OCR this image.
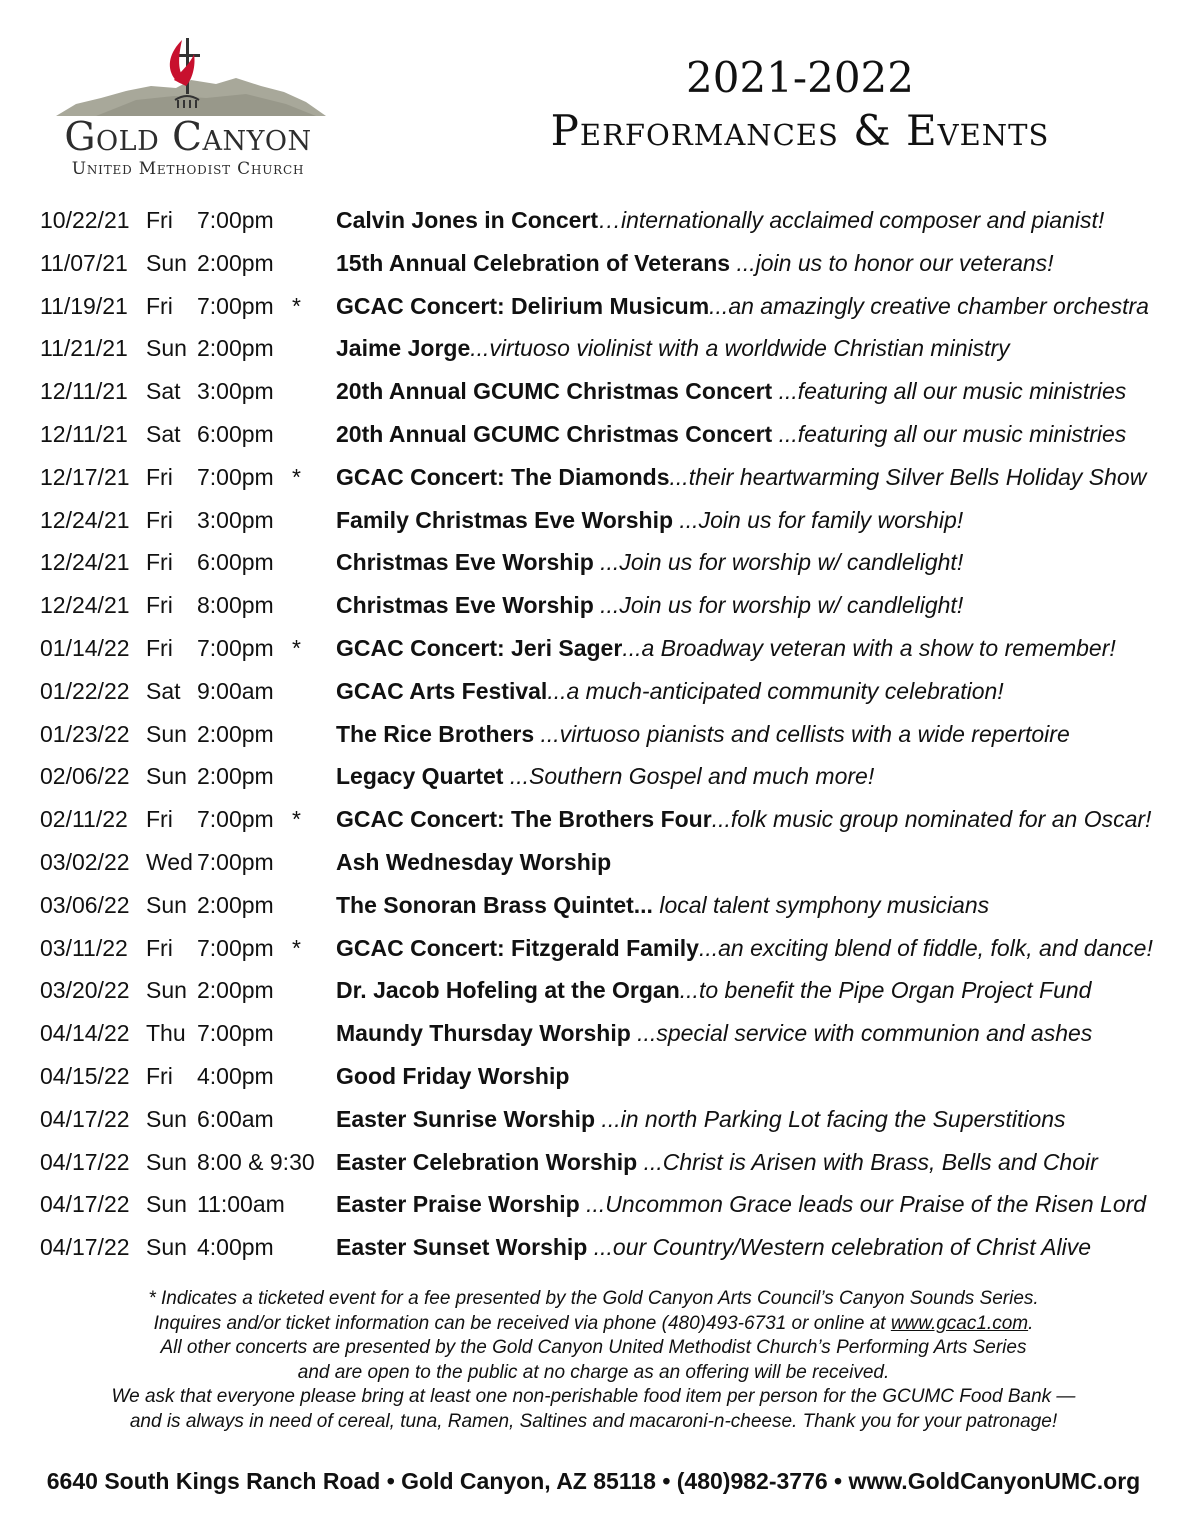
Gold Canyon
United Methodist Church
2021-2022
Performances & Events
10/22/21 Fri 7:00pm	Calvin Jones in Concert…internationally acclaimed composer and pianist!
11/07/21 Sun 2:00pm	15th Annual Celebration of Veterans ...join us to honor our veterans!
11/19/21 Fri 7:00pm * GCAC Concert: Delirium Musicum...an amazingly creative chamber orchestra
11/21/21 Sun 2:00pm	Jaime Jorge...virtuoso violinist with a worldwide Christian ministry
12/11/21 Sat 3:00pm	20th Annual GCUMC Christmas Concert ...featuring all our music ministries
12/11/21 Sat 6:00pm	20th Annual GCUMC Christmas Concert ...featuring all our music ministries
12/17/21 Fri 7:00pm * GCAC Concert: The Diamonds...their heartwarming Silver Bells Holiday Show
12/24/21 Fri 3:00pm	Family Christmas Eve Worship ...Join us for family worship!
12/24/21 Fri 6:00pm	Christmas Eve Worship ...Join us for worship w/ candlelight!
12/24/21 Fri 8:00pm	Christmas Eve Worship ...Join us for worship w/ candlelight!
01/14/22 Fri 7:00pm * GCAC Concert: Jeri Sager...a Broadway veteran with a show to remember!
01/22/22 Sat 9:00am	GCAC Arts Festival...a much-anticipated community celebration!
01/23/22 Sun 2:00pm	The Rice Brothers ...virtuoso pianists and cellists with a wide repertoire
02/06/22 Sun 2:00pm	Legacy Quartet ...Southern Gospel and much more!
02/11/22 Fri 7:00pm * GCAC Concert: The Brothers Four...folk music group nominated for an Oscar!
03/02/22 Wed 7:00pm	Ash Wednesday Worship
03/06/22 Sun 2:00pm	The Sonoran Brass Quintet... local talent symphony musicians
03/11/22 Fri 7:00pm * GCAC Concert: Fitzgerald Family...an exciting blend of fiddle, folk, and dance!
03/20/22 Sun 2:00pm	Dr. Jacob Hofeling at the Organ...to benefit the Pipe Organ Project Fund
04/14/22 Thu 7:00pm	Maundy Thursday Worship ...special service with communion and ashes
04/15/22 Fri 4:00pm	Good Friday Worship
04/17/22 Sun 6:00am	Easter Sunrise Worship ...in north Parking Lot facing the Superstitions
04/17/22 Sun 8:00 & 9:30 Easter Celebration Worship ...Christ is Arisen with Brass, Bells and Choir
04/17/22 Sun 11:00am Easter Praise Worship ...Uncommon Grace leads our Praise of the Risen Lord
04/17/22 Sun 4:00pm	Easter Sunset Worship ...our Country/Western celebration of Christ Alive
* Indicates a ticketed event for a fee presented by the Gold Canyon Arts Council’s Canyon Sounds Series.
Inquires and/or ticket information can be received via phone (480)493-6731 or online at www.gcac1.com.
All other concerts are presented by the Gold Canyon United Methodist Church’s Performing Arts Series
and are open to the public at no charge as an offering will be received.
We ask that everyone please bring at least one non-perishable food item per person for the GCUMC Food Bank —
and is always in need of cereal, tuna, Ramen, Saltines and macaroni-n-cheese. Thank you for your patronage!
6640 South Kings Ranch Road • Gold Canyon, AZ 85118 • (480)982-3776 • www.GoldCanyonUMC.org
